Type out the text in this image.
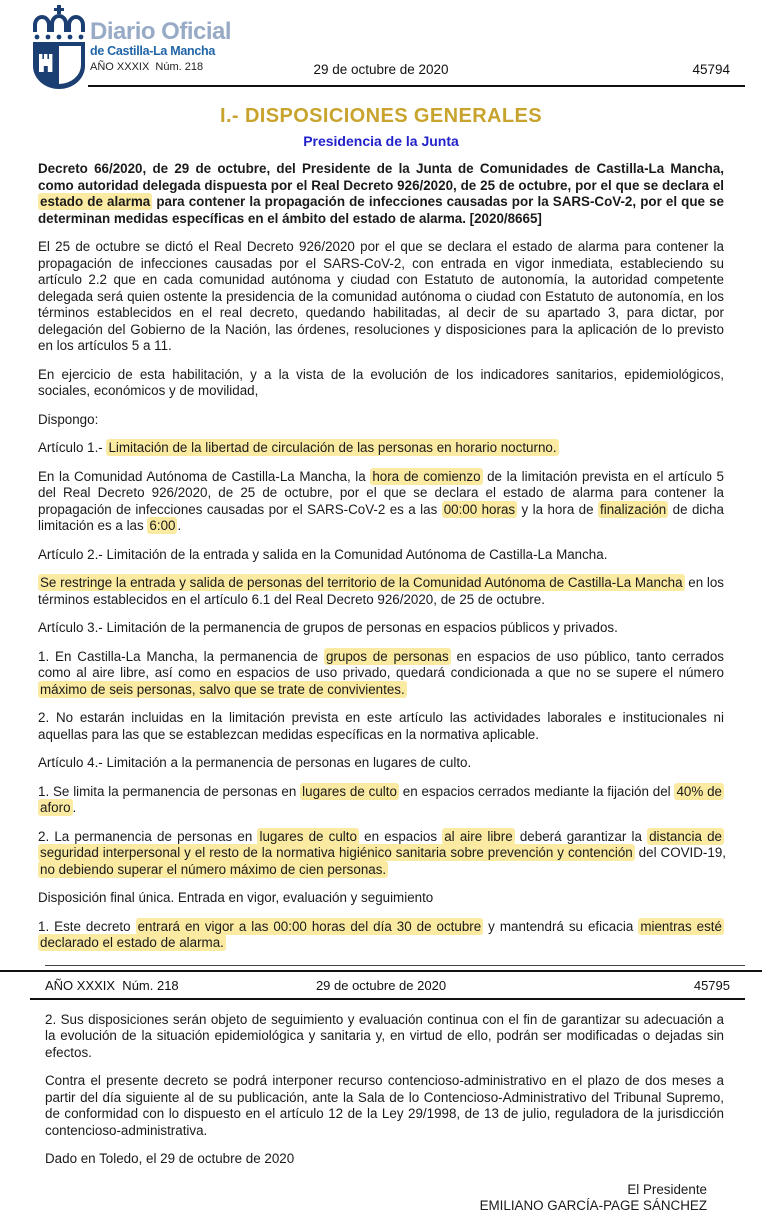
Diario Oficial
de Castilla-La Mancha
AÑO XXXIX  Núm. 218	29 de octubre de 2020	45794
I.- DISPOSICIONES GENERALES
Presidencia de la Junta

Decreto 66/2020, de 29 de octubre, del Presidente de la Junta de Comunidades de Castilla-La Mancha, como autoridad delegada dispuesta por el Real Decreto 926/2020, de 25 de octubre, por el que se declara el estado de alarma para contener la propagación de infecciones causadas por la SARS-CoV-2, por el que se determinan medidas específicas en el ámbito del estado de alarma. [2020/8665]

El 25 de octubre se dictó el Real Decreto 926/2020 por el que se declara el estado de alarma para contener la propagación de infecciones causadas por el SARS-CoV-2, con entrada en vigor inmediata, estableciendo su artículo 2.2 que en cada comunidad autónoma y ciudad con Estatuto de autonomía, la autoridad competente delegada será quien ostente la presidencia de la comunidad autónoma o ciudad con Estatuto de autonomía, en los términos establecidos en el real decreto, quedando habilitadas, al decir de su apartado 3, para dictar, por delegación del Gobierno de la Nación, las órdenes, resoluciones y disposiciones para la aplicación de lo previsto en los artículos 5 a 11.

En ejercicio de esta habilitación, y a la vista de la evolución de los indicadores sanitarios, epidemiológicos, sociales, económicos y de movilidad,

Dispongo:

Artículo 1.- Limitación de la libertad de circulación de las personas en horario nocturno.

En la Comunidad Autónoma de Castilla-La Mancha, la hora de comienzo de la limitación prevista en el artículo 5 del Real Decreto 926/2020, de 25 de octubre, por el que se declara el estado de alarma para contener la propagación de infecciones causadas por el SARS-CoV-2 es a las 00:00 horas y la hora de finalización de dicha limitación es a las 6:00 .

Artículo 2.- Limitación de la entrada y salida en la Comunidad Autónoma de Castilla-La Mancha.

Se restringe la entrada y salida de personas del territorio de la Comunidad Autónoma de Castilla-La Mancha en los términos establecidos en el artículo 6.1 del Real Decreto 926/2020, de 25 de octubre.

Artículo 3.- Limitación de la permanencia de grupos de personas en espacios públicos y privados.

1. En Castilla-La Mancha, la permanencia de grupos de personas en espacios de uso público, tanto cerrados como al aire libre, así como en espacios de uso privado, quedará condicionada a que no se supere el número máximo de seis personas, salvo que se trate de convivientes.

2. No estarán incluidas en la limitación prevista en este artículo las actividades laborales e institucionales ni aquellas para las que se establezcan medidas específicas en la normativa aplicable.

Artículo 4.- Limitación a la permanencia de personas en lugares de culto.

1. Se limita la permanencia de personas en lugares de culto en espacios cerrados mediante la fijación del 40% de aforo .

2. La permanencia de personas en lugares de culto en espacios al aire libre deberá garantizar la distancia de seguridad interpersonal y el resto de la normativa higiénico sanitaria sobre prevención y contención del COVID-19, no debiendo superar el número máximo de cien personas.

Disposición final única. Entrada en vigor, evaluación y seguimiento

1. Este decreto entrará en vigor a las 00:00 horas del día 30 de octubre y mantendrá su eficacia mientras esté declarado el estado de alarma.

AÑO XXXIX  Núm. 218	29 de octubre de 2020	45795

2. Sus disposiciones serán objeto de seguimiento y evaluación continua con el fin de garantizar su adecuación a la evolución de la situación epidemiológica y sanitaria y, en virtud de ello, podrán ser modificadas o dejadas sin efectos.

Contra el presente decreto se podrá interponer recurso contencioso-administrativo en el plazo de dos meses a partir del día siguiente al de su publicación, ante la Sala de lo Contencioso-Administrativo del Tribunal Supremo, de conformidad con lo dispuesto en el artículo 12 de la Ley 29/1998, de 13 de julio, reguladora de la jurisdicción contencioso-administrativa.

Dado en Toledo, el 29 de octubre de 2020

El Presidente
EMILIANO GARCÍA-PAGE SÁNCHEZ
